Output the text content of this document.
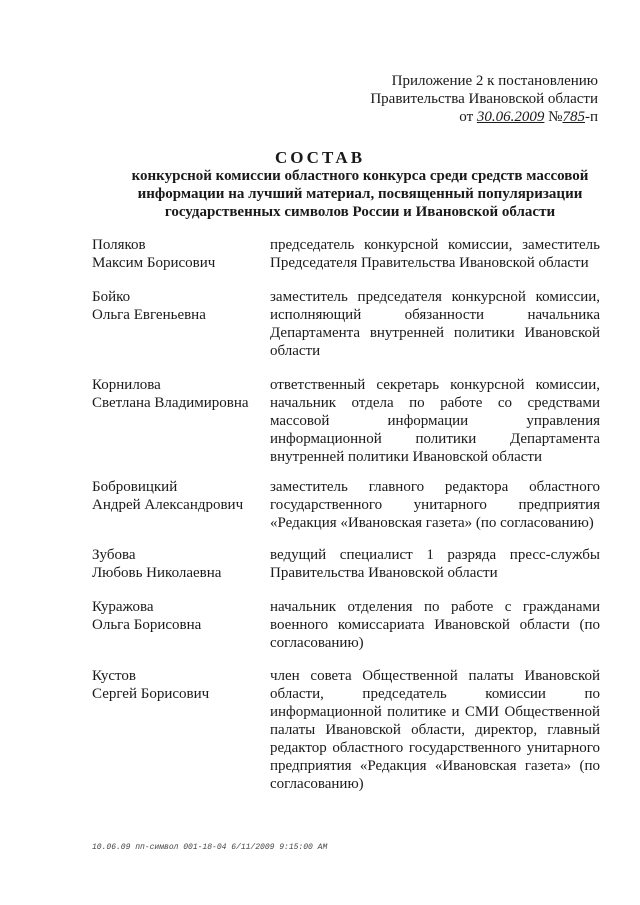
Приложение 2 к постановлению
Правительства Ивановской области
от 30.06.2009 №785-п
СОСТАВ
конкурсной комиссии областного конкурса среди средств массовой информации на лучший материал, посвященный популяризации государственных символов России и Ивановской области
Поляков
Максим Борисович
председатель конкурсной комиссии, заместитель Председателя Правительства Ивановской области
Бойко
Ольга Евгеньевна
заместитель председателя конкурсной комиссии, исполняющий обязанности начальника Департамента внутренней политики Ивановской области
Корнилова
Светлана Владимировна
ответственный секретарь конкурсной комиссии, начальник отдела по работе со средствами массовой информации управления информационной политики Департамента внутренней политики Ивановской области
Бобровицкий
Андрей Александрович
заместитель главного редактора областного государственного унитарного предприятия «Редакция «Ивановская газета» (по согласованию)
Зубова
Любовь Николаевна
ведущий специалист 1 разряда пресс-службы Правительства Ивановской области
Куражова
Ольга Борисовна
начальник отделения по работе с гражданами военного комиссариата Ивановской области (по согласованию)
Кустов
Сергей Борисович
член совета Общественной палаты Ивановской области, председатель комиссии по информационной политике и СМИ Общественной палаты Ивановской области, директор, главный редактор областного государственного унитарного предприятия «Редакция «Ивановская газета» (по согласованию)
10.06.09 пп-символ 001-18-04 6/11/2009 9:15:00 AM
